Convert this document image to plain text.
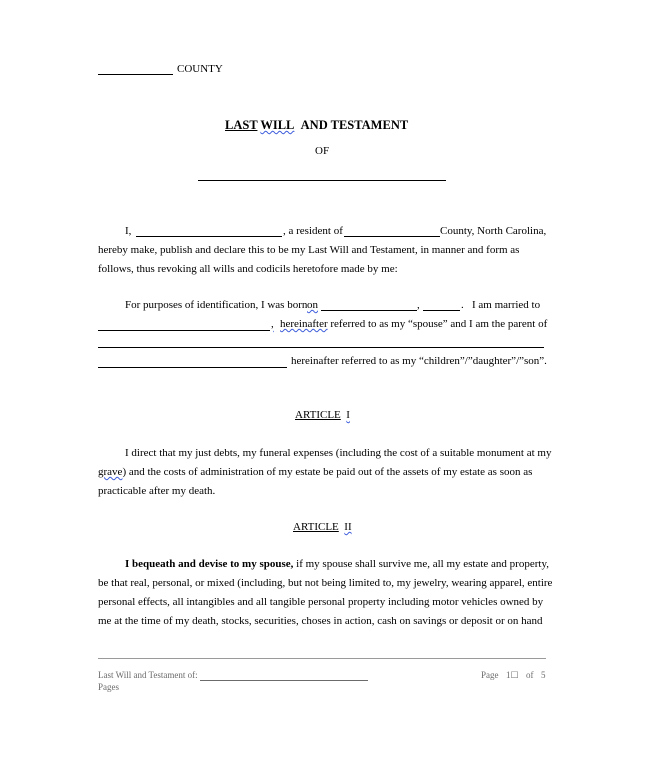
COUNTY
LAST WILL AND TESTAMENT
OF
I,	, a resident of	County, North Carolina,
hereby make, publish and declare this to be my Last Will and Testament, in manner and form as
follows, thus revoking all wills and codicils heretofore made by me:
For purposes of identification, I was born on	,	. I am married to
, hereinafter referred to as my “spouse” and I am the parent of
hereinafter referred to as my “children”/”daughter”/”son”.
ARTICLE I
I direct that my just debts, my funeral expenses (including the cost of a suitable monument at my
grave) and the costs of administration of my estate be paid out of the assets of my estate as soon as
practicable after my death.
ARTICLE II
I bequeath and devise to my spouse, if my spouse shall survive me, all my estate and property,
be that real, personal, or mixed (including, but not being limited to, my jewelry, wearing apparel, entire
personal effects, all intangibles and all tangible personal property including motor vehicles owned by
me at the time of my death, stocks, securities, choses in action, cash on savings or deposit or on hand
Last Will and Testament of:	Page 1☐ of 5
Pages
